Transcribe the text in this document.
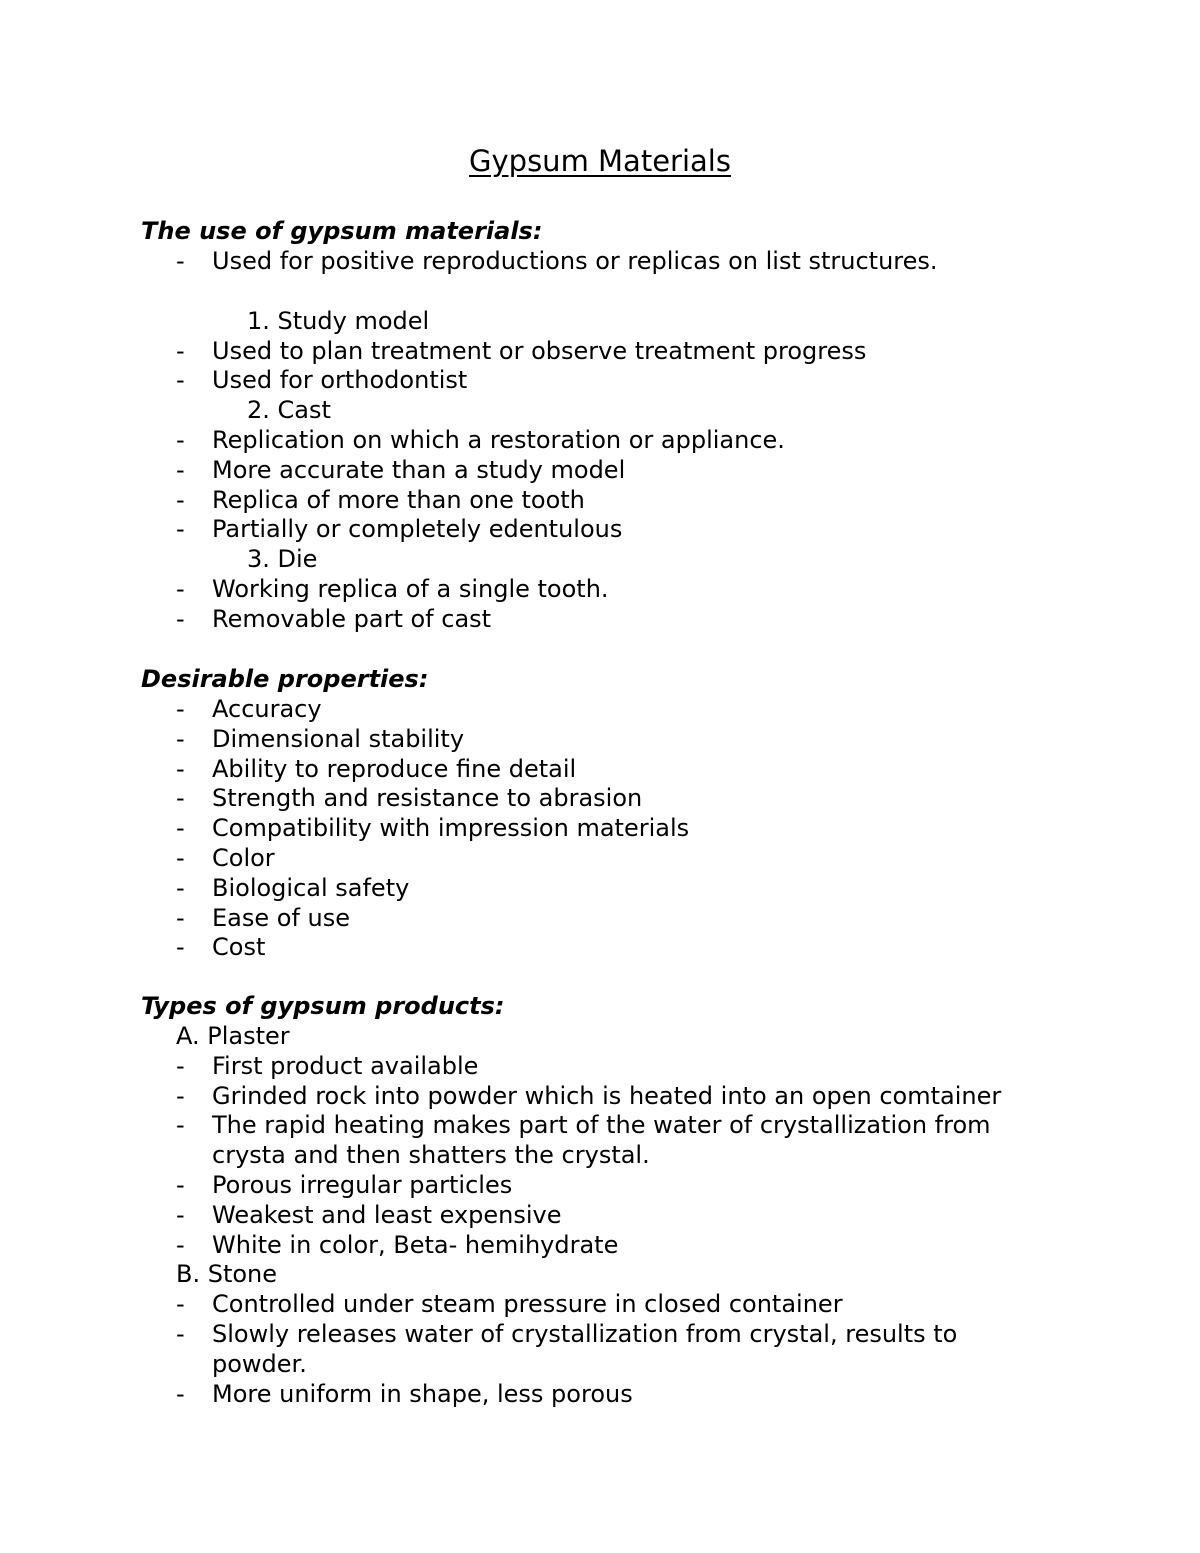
Gypsum Materials
The use of gypsum materials:
- Used for positive reproductions or replicas on list structures.
1. Study model
- Used to plan treatment or observe treatment progress
- Used for orthodontist
2. Cast
- Replication on which a restoration or appliance.
- More accurate than a study model
- Replica of more than one tooth
- Partially or completely edentulous
3. Die
- Working replica of a single tooth.
- Removable part of cast
Desirable properties:
- Accuracy
- Dimensional stability
- Ability to reproduce fine detail
- Strength and resistance to abrasion
- Compatibility with impression materials
- Color
- Biological safety
- Ease of use
- Cost
Types of gypsum products:
A. Plaster
- First product available
- Grinded rock into powder which is heated into an open comtainer
- The rapid heating makes part of the water of crystallization from
crysta and then shatters the crystal.
- Porous irregular particles
- Weakest and least expensive
- White in color, Beta- hemihydrate
B. Stone
- Controlled under steam pressure in closed container
- Slowly releases water of crystallization from crystal, results to
powder.
- More uniform in shape, less porous
